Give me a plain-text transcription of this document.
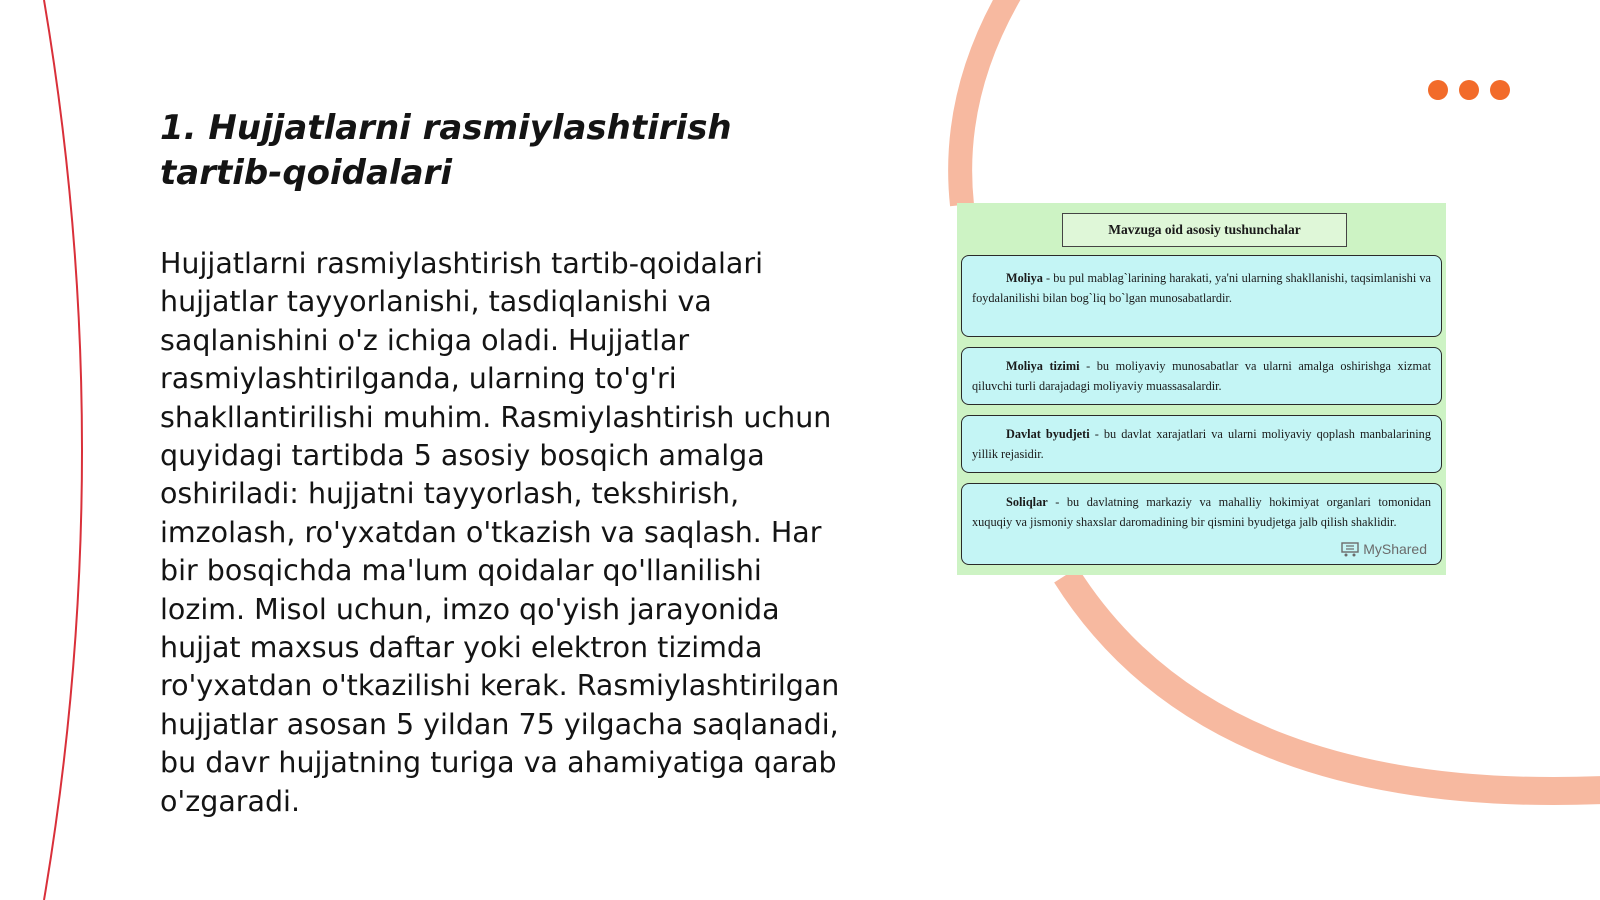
1. Hujjatlarni rasmiylashtirish tartib-qoidalari

Hujjatlarni rasmiylashtirish tartib-qoidalari hujjatlar tayyorlanishi, tasdiqlanishi va saqlanishini o'z ichiga oladi. Hujjatlar rasmiylashtirilganda, ularning to'g'ri shakllantirilishi muhim. Rasmiylashtirish uchun quyidagi tartibda 5 asosiy bosqich amalga oshiriladi: hujjatni tayyorlash, tekshirish, imzolash, ro'yxatdan o'tkazish va saqlash. Har bir bosqichda ma'lum qoidalar qo'llanilishi lozim. Misol uchun, imzo qo'yish jarayonida hujjat maxsus daftar yoki elektron tizimda ro'yxatdan o'tkazilishi kerak. Rasmiylashtirilgan hujjatlar asosan 5 yildan 75 yilgacha saqlanadi, bu davr hujjatning turiga va ahamiyatiga qarab o'zgaradi.

Mavzuga oid asosiy tushunchalar
Moliya - bu pul mablag`larining harakati, ya'ni ularning shakllanishi, taqsimlanishi va foydalanilishi bilan bog`liq bo`lgan munosabatlardir.
Moliya tizimi - bu moliyaviy munosabatlar va ularni amalga oshirishga xizmat qiluvchi turli darajadagi moliyaviy muassasalardir.
Davlat byudjeti - bu davlat xarajatlari va ularni moliyaviy qoplash manbalarining yillik rejasidir.
Soliqlar - bu davlatning markaziy va mahalliy hokimiyat organlari tomonidan xuquqiy va jismoniy shaxslar daromadining bir qismini byudjetga jalb qilish shaklidir.
MyShared
